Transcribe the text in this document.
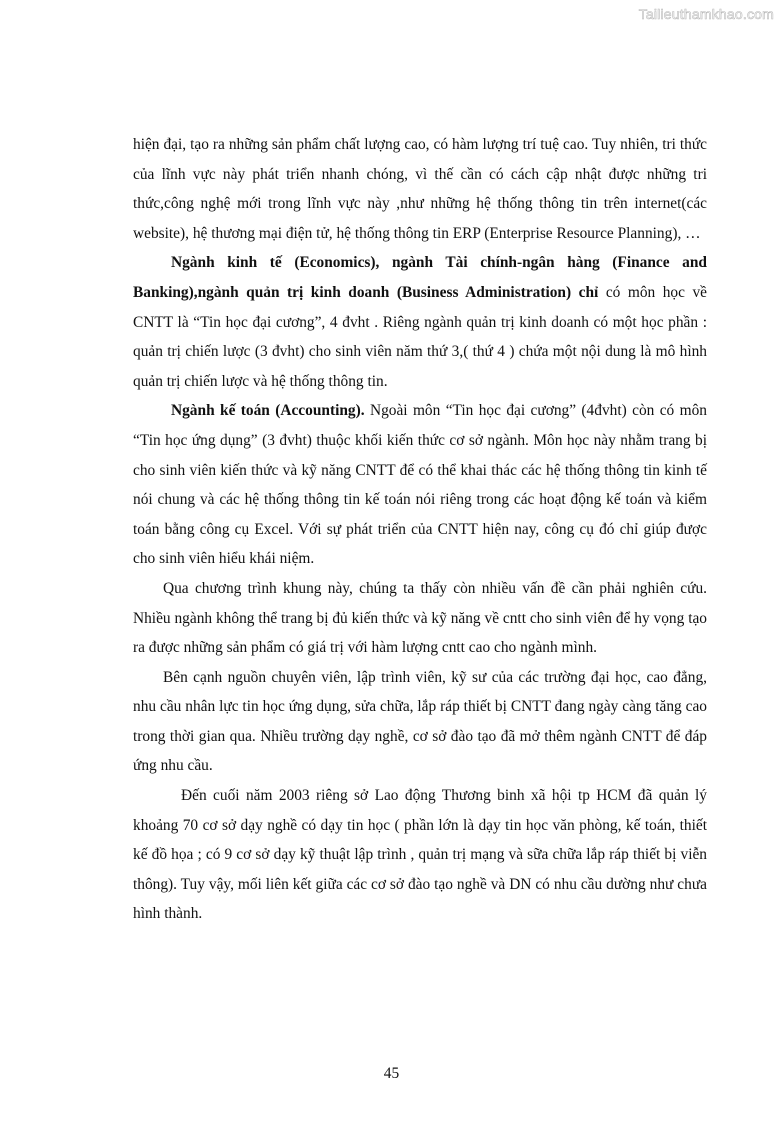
Tailieuthamkhao.com

hiện đại, tạo ra những sản phẩm chất lượng cao, có hàm lượng trí tuệ cao. Tuy nhiên, tri thức của lĩnh vực này phát triển nhanh chóng, vì thế cần có cách cập nhật được những tri thức,công nghệ mới trong lĩnh vực này ,như những hệ thống thông tin trên internet(các website), hệ thương mại điện tử, hệ thống thông tin ERP (Enterprise Resource Planning), …

Ngành kinh tế (Economics), ngành Tài chính-ngân hàng (Finance and Banking),ngành quản trị kinh doanh (Business Administration) chỉ có môn học về CNTT là “Tin học đại cương”, 4 đvht . Riêng ngành quản trị kinh doanh có một học phần : quản trị chiến lược (3 đvht) cho sinh viên năm thứ 3,( thứ 4 ) chứa một nội dung là mô hình quản trị chiến lược và hệ thống thông tin.

Ngành kế toán (Accounting). Ngoài môn “Tin học đại cương” (4đvht) còn có môn “Tin học ứng dụng” (3 đvht) thuộc khối kiến thức cơ sở ngành. Môn học này nhằm trang bị cho sinh viên kiến thức và kỹ năng CNTT để có thể khai thác các hệ thống thông tin kinh tế nói chung và các hệ thống thông tin kế toán nói riêng trong các hoạt động kế toán và kiểm toán bằng công cụ Excel. Với sự phát triển của CNTT hiện nay, công cụ đó chỉ giúp được cho sinh viên hiểu khái niệm.

Qua chương trình khung này, chúng ta thấy còn nhiều vấn đề cần phải nghiên cứu. Nhiều ngành không thể trang bị đủ kiến thức và kỹ năng về cntt cho sinh viên để hy vọng tạo ra được những sản phẩm có giá trị với hàm lượng cntt cao cho ngành mình.

Bên cạnh nguồn chuyên viên, lập trình viên, kỹ sư của các trường đại học, cao đẳng, nhu cầu nhân lực tin học ứng dụng, sửa chữa, lắp ráp thiết bị CNTT đang ngày càng tăng cao trong thời gian qua. Nhiều trường dạy nghề, cơ sở đào tạo đã mở thêm ngành CNTT để đáp ứng nhu cầu.

Đến cuối năm 2003 riêng sở Lao động Thương binh xã hội tp HCM đã quản lý khoảng 70 cơ sở dạy nghề có dạy tin học ( phần lớn là dạy tin học văn phòng, kế toán, thiết kế đồ họa ; có 9 cơ sở dạy kỹ thuật lập trình , quản trị mạng và sữa chữa lắp ráp thiết bị viễn thông). Tuy vậy, mối liên kết giữa các cơ sở đào tạo nghề và DN có nhu cầu dường như chưa hình thành.

45
